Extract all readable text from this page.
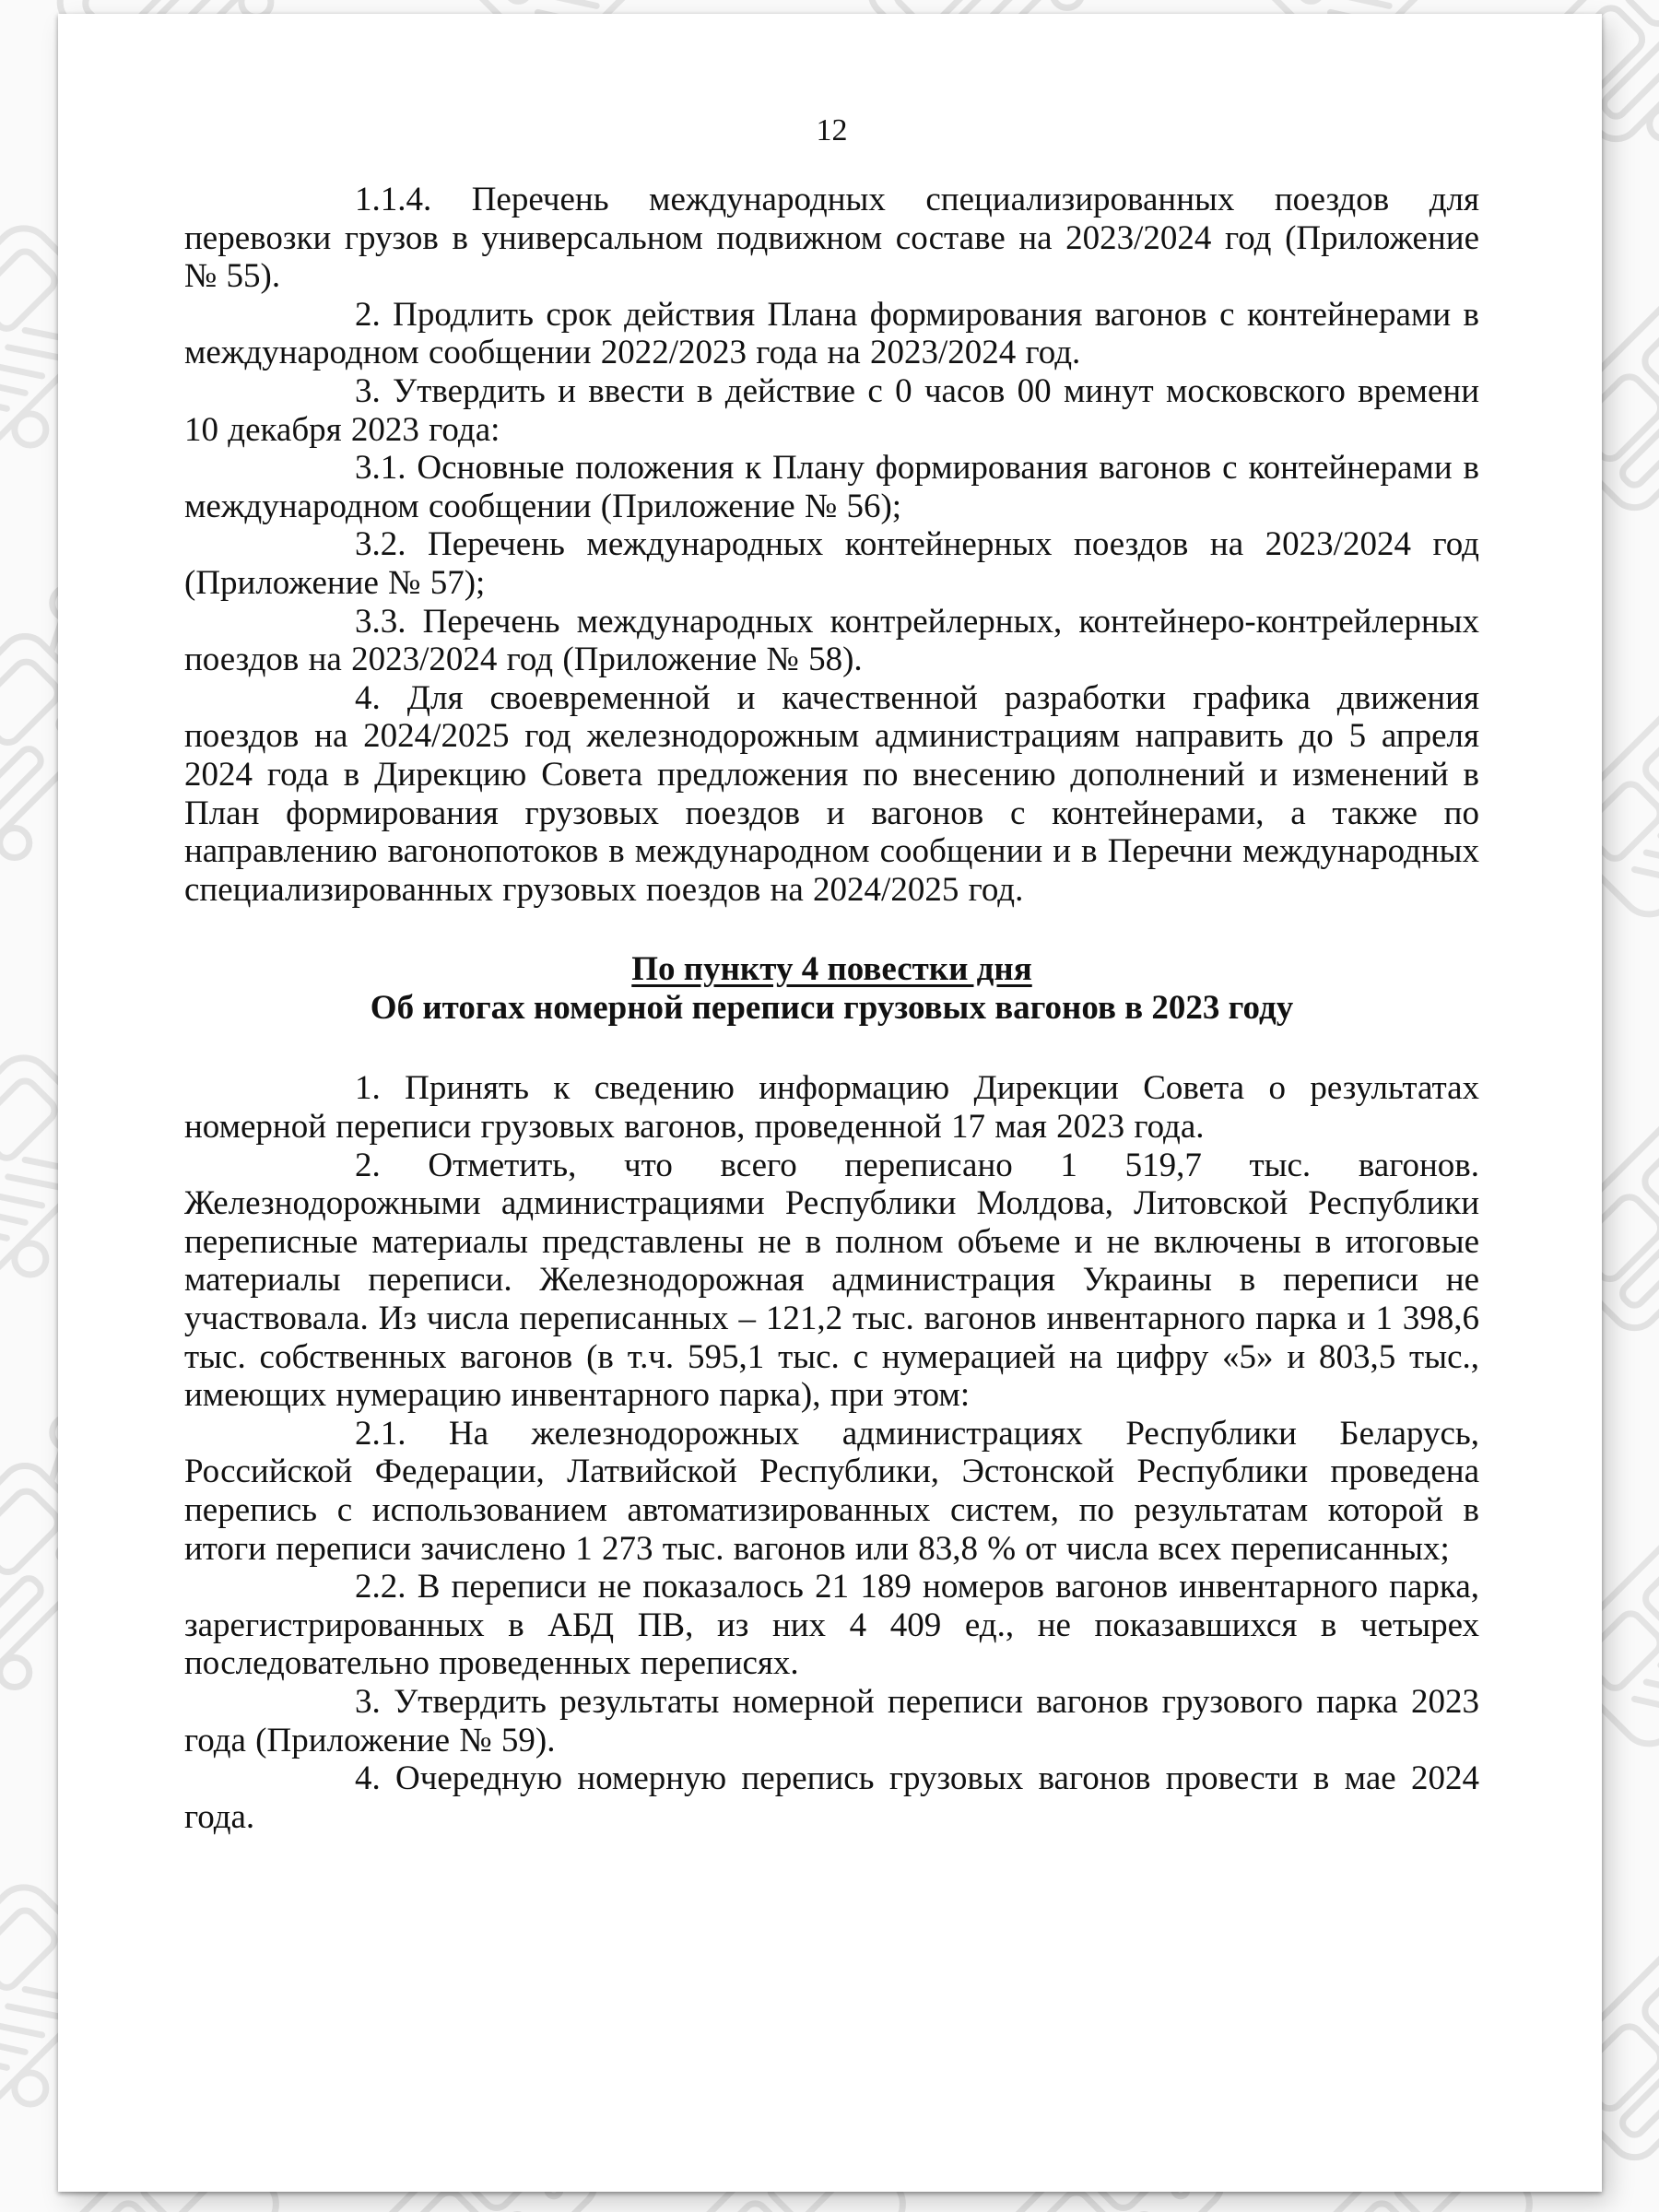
12

1.1.4. Перечень международных специализированных поездов для перевозки грузов в универсальном подвижном составе на 2023/2024 год (Приложение № 55).

2. Продлить срок действия Плана формирования вагонов с контейнерами в международном сообщении 2022/2023 года на 2023/2024 год.

3. Утвердить и ввести в действие с 0 часов 00 минут московского времени 10 декабря 2023 года:

3.1. Основные положения к Плану формирования вагонов с контейнерами в международном сообщении (Приложение № 56);

3.2. Перечень международных контейнерных поездов на 2023/2024 год (Приложение № 57);

3.3. Перечень международных контрейлерных, контейнеро-контрейлерных поездов на 2023/2024 год (Приложение № 58).

4. Для своевременной и качественной разработки графика движения поездов на 2024/2025 год железнодорожным администрациям направить до 5 апреля 2024 года в Дирекцию Совета предложения по внесению дополнений и изменений в План формирования грузовых поездов и вагонов с контейнерами, а также по направлению вагонопотоков в международном сообщении и в Перечни международных специализированных грузовых поездов на 2024/2025 год.

По пункту 4 повестки дня
Об итогах номерной переписи грузовых вагонов в 2023 году

1. Принять к сведению информацию Дирекции Совета о результатах номерной переписи грузовых вагонов, проведенной 17 мая 2023 года.

2. Отметить, что всего переписано 1 519,7 тыс. вагонов. Железнодорожными администрациями Республики Молдова, Литовской Республики переписные материалы представлены не в полном объеме и не включены в итоговые материалы переписи. Железнодорожная администрация Украины в переписи не участвовала. Из числа переписанных – 121,2 тыс. вагонов инвентарного парка и 1 398,6 тыс. собственных вагонов (в т.ч. 595,1 тыс. с нумерацией на цифру «5» и 803,5 тыс., имеющих нумерацию инвентарного парка), при этом:

2.1. На железнодорожных администрациях Республики Беларусь, Российской Федерации, Латвийской Республики, Эстонской Республики проведена перепись с использованием автоматизированных систем, по результатам которой в итоги переписи зачислено 1 273 тыс. вагонов или 83,8 % от числа всех переписанных;

2.2. В переписи не показалось 21 189 номеров вагонов инвентарного парка, зарегистрированных в АБД ПВ, из них 4 409 ед., не показавшихся в четырех последовательно проведенных переписях.

3. Утвердить результаты номерной переписи вагонов грузового парка 2023 года (Приложение № 59).

4. Очередную номерную перепись грузовых вагонов провести в мае 2024 года.
